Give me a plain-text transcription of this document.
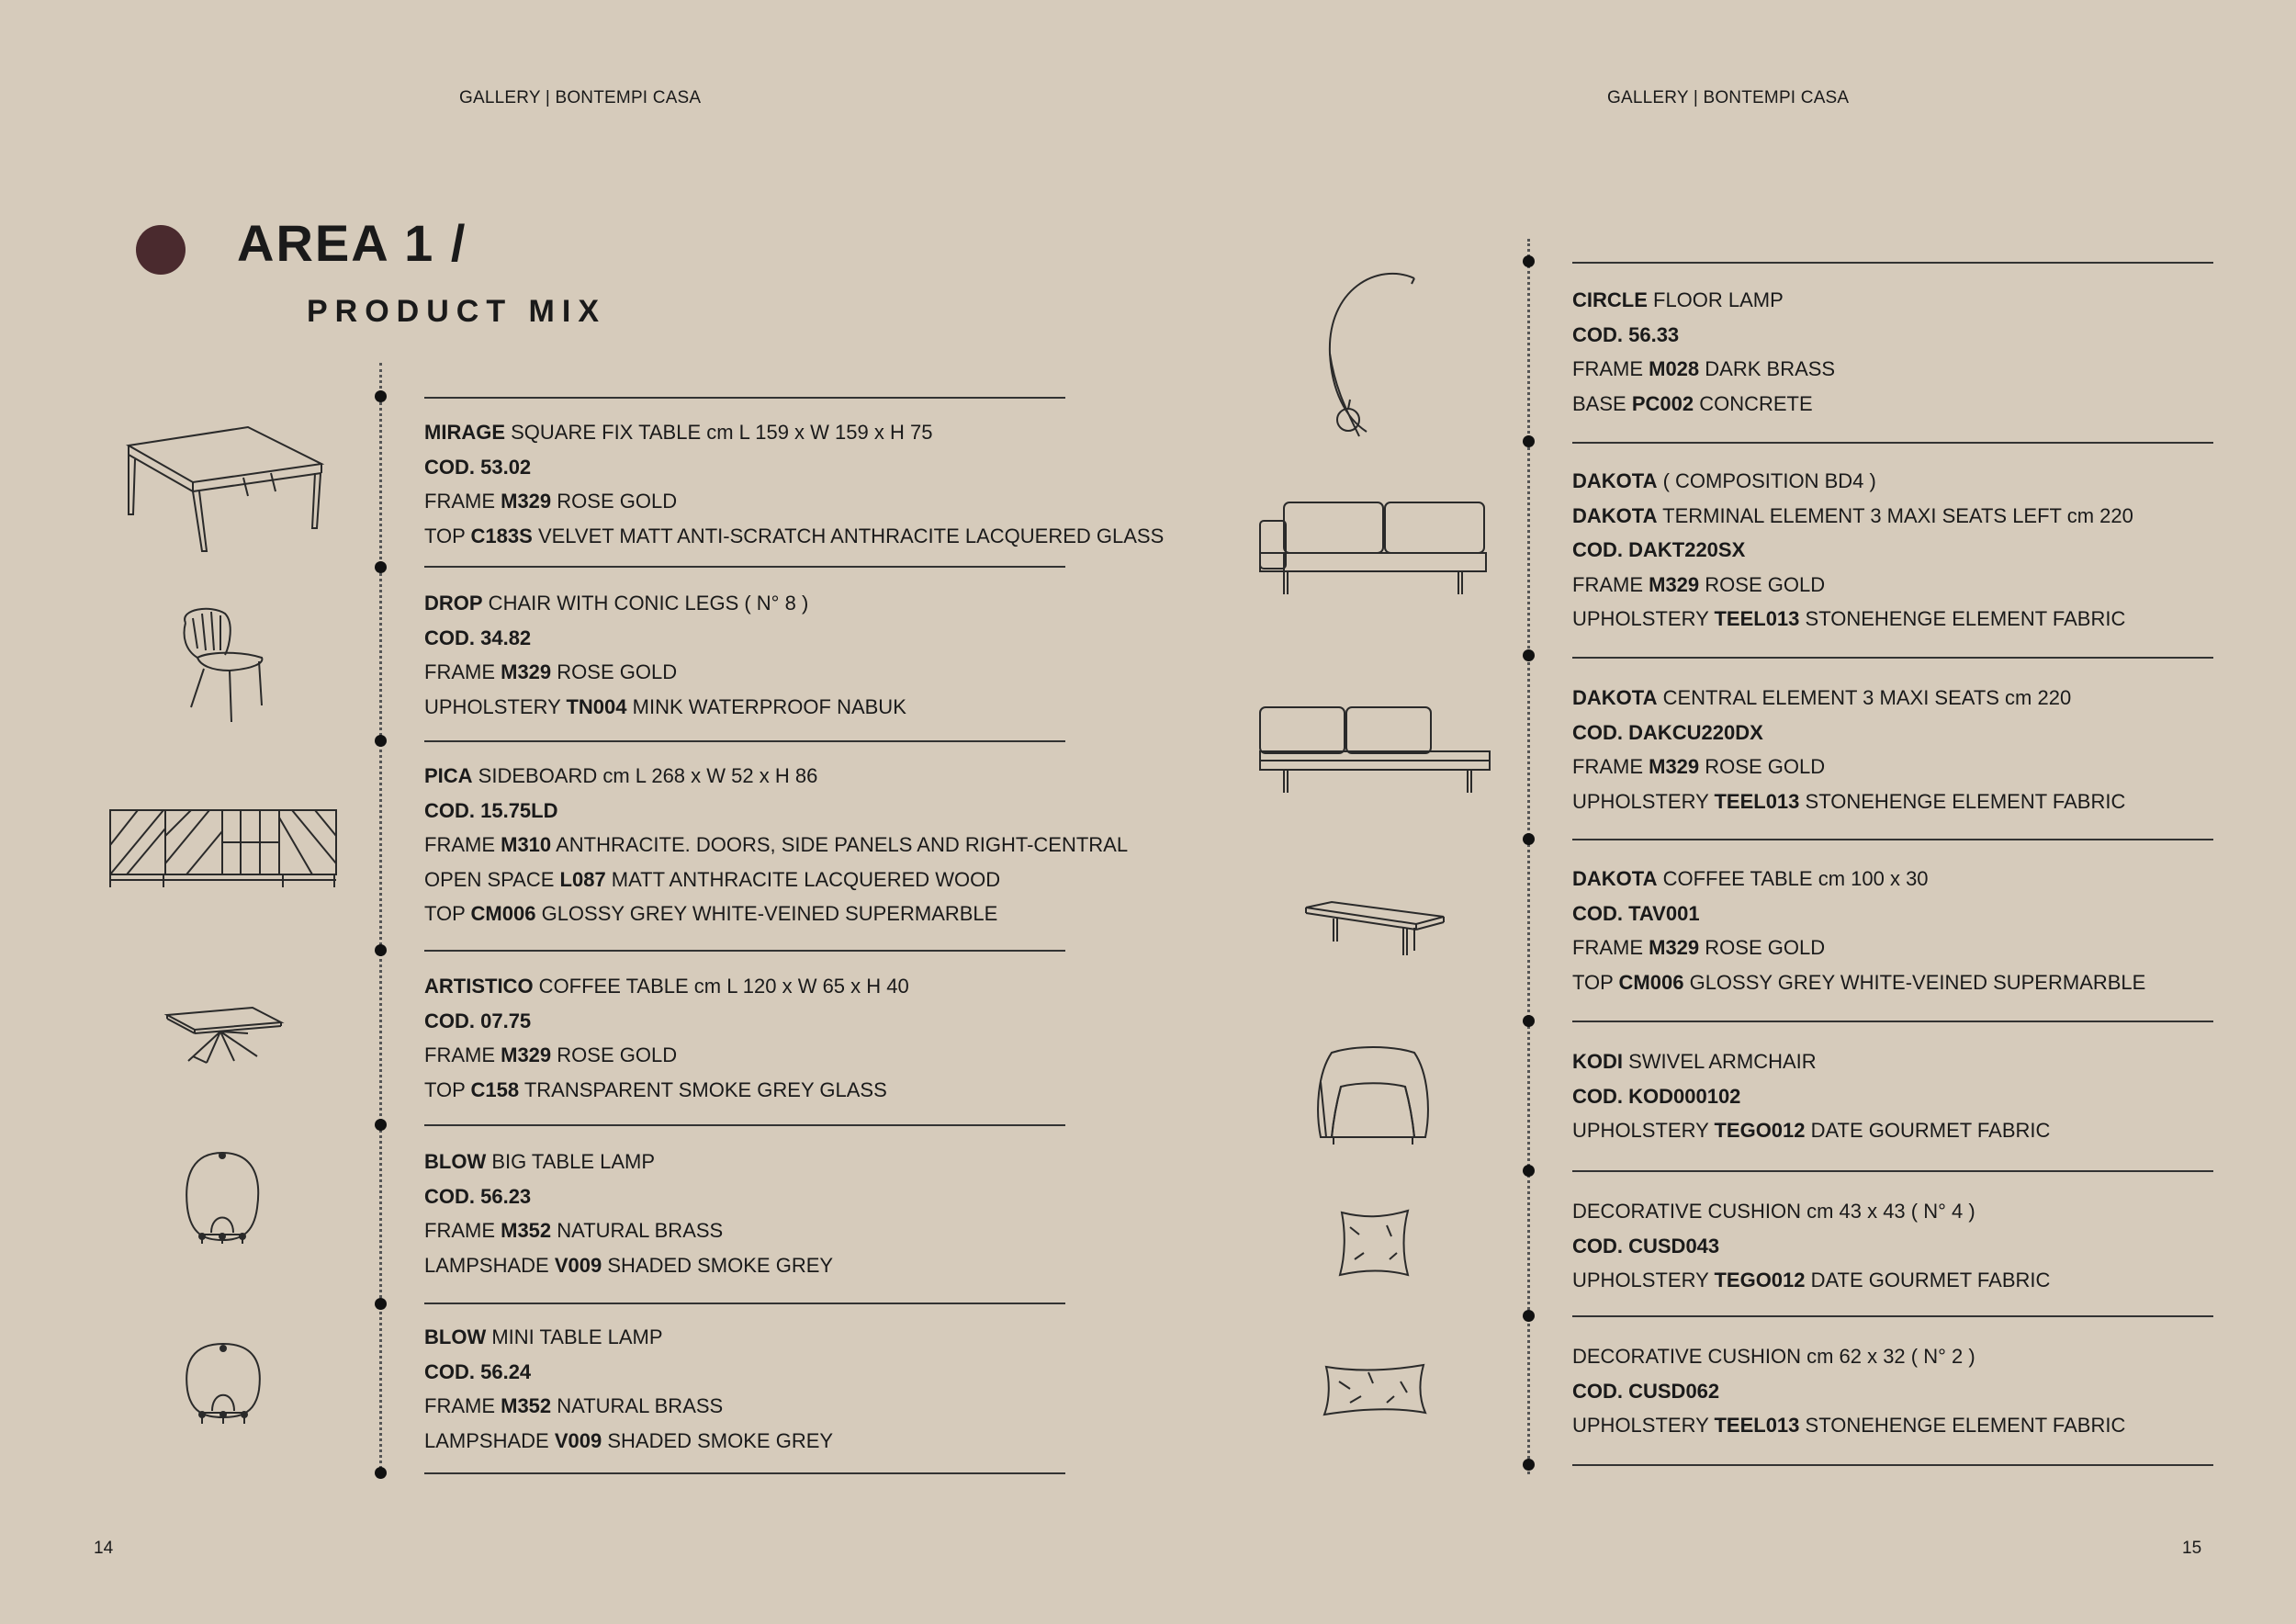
GALLERY | BONTEMPI CASA	GALLERY | BONTEMPI CASA
AREA 1 /
PRODUCT MIX
MIRAGE SQUARE FIX TABLE cm L 159 x W 159 x H 75
COD. 53.02
FRAME M329 ROSE GOLD
TOP C183S VELVET MATT ANTI-SCRATCH ANTHRACITE LACQUERED GLASS
DROP CHAIR WITH CONIC LEGS ( N° 8 )
COD. 34.82
FRAME M329 ROSE GOLD
UPHOLSTERY TN004 MINK WATERPROOF NABUK
PICA SIDEBOARD cm L 268 x W 52 x H 86
COD. 15.75LD
FRAME M310 ANTHRACITE. DOORS, SIDE PANELS AND RIGHT-CENTRAL
OPEN SPACE L087 MATT ANTHRACITE LACQUERED WOOD
TOP CM006 GLOSSY GREY WHITE-VEINED SUPERMARBLE
ARTISTICO COFFEE TABLE cm L 120 x W 65 x H 40
COD. 07.75
FRAME M329 ROSE GOLD
TOP C158 TRANSPARENT SMOKE GREY GLASS
BLOW BIG TABLE LAMP
COD. 56.23
FRAME M352 NATURAL BRASS
LAMPSHADE V009 SHADED SMOKE GREY
BLOW MINI TABLE LAMP
COD. 56.24
FRAME M352 NATURAL BRASS
LAMPSHADE V009 SHADED SMOKE GREY
CIRCLE FLOOR LAMP
COD. 56.33
FRAME M028 DARK BRASS
BASE PC002 CONCRETE
DAKOTA ( COMPOSITION BD4 )
DAKOTA TERMINAL ELEMENT 3 MAXI SEATS LEFT cm 220
COD. DAKT220SX
FRAME M329 ROSE GOLD
UPHOLSTERY TEEL013 STONEHENGE ELEMENT FABRIC
DAKOTA CENTRAL ELEMENT 3 MAXI SEATS cm 220
COD. DAKCU220DX
FRAME M329 ROSE GOLD
UPHOLSTERY TEEL013 STONEHENGE ELEMENT FABRIC
DAKOTA COFFEE TABLE cm 100 x 30
COD. TAV001
FRAME M329 ROSE GOLD
TOP CM006 GLOSSY GREY WHITE-VEINED SUPERMARBLE
KODI SWIVEL ARMCHAIR
COD. KOD000102
UPHOLSTERY TEGO012 DATE GOURMET FABRIC
DECORATIVE CUSHION cm 43 x 43 ( N° 4 )
COD. CUSD043
UPHOLSTERY TEGO012 DATE GOURMET FABRIC
DECORATIVE CUSHION cm 62 x 32 ( N° 2 )
COD. CUSD062
UPHOLSTERY TEEL013 STONEHENGE ELEMENT FABRIC
14	15
